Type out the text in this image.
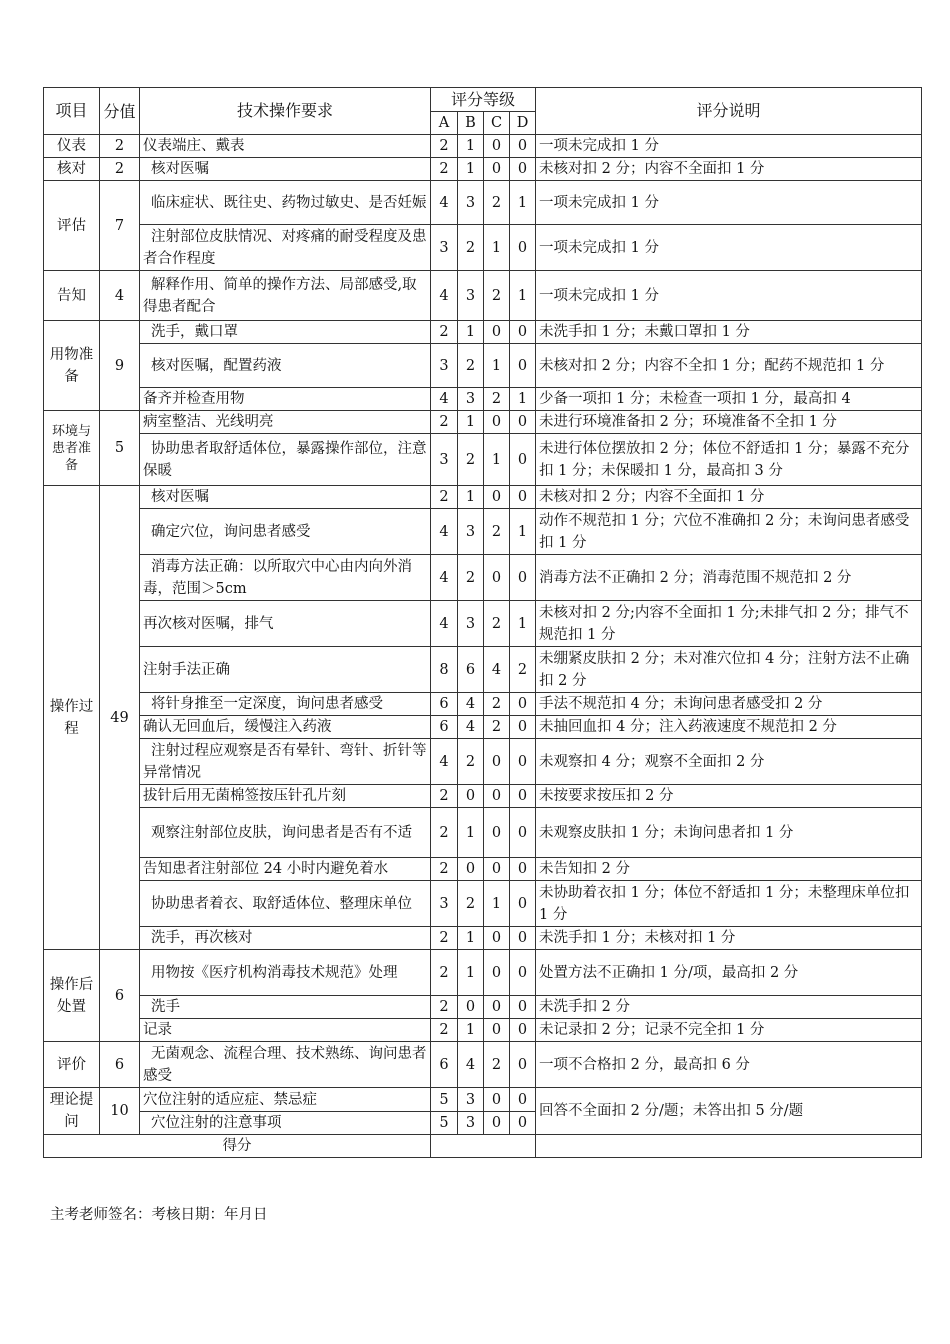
项目	分值	技术操作要求	评分等级				评分说明
			A	B	C	D	
仪表	2	仪表端庄、戴表	2	1	0	0	一项未完成扣 1 分
核对	2	核对医嘱	2	1	0	0	未核对扣 2 分；内容不全面扣 1 分
评估	7	临床症状、既往史、药物过敏史、是否妊娠	4	3	2	1	一项未完成扣 1 分
		注射部位皮肤情况、对疼痛的耐受程度及患者合作程度	3	2	1	0	一项未完成扣 1 分
告知	4	解释作用、简单的操作方法、局部感受,取得患者配合	4	3	2	1	一项未完成扣 1 分
用物准备	9	洗手，戴口罩	2	1	0	0	未洗手扣 1 分；未戴口罩扣 1 分
		核对医嘱，配置药液	3	2	1	0	未核对扣 2 分；内容不全扣 1 分；配药不规范扣 1 分
		备齐并检查用物	4	3	2	1	少备一项扣 1 分；未检查一项扣 1 分，最高扣 4
环境与患者准备	5	病室整洁、光线明亮	2	1	0	0	未进行环境准备扣 2 分；环境准备不全扣 1 分
		协助患者取舒适体位，暴露操作部位，注意保暖	3	2	1	0	未进行体位摆放扣 2 分；体位不舒适扣 1 分；暴露不充分扣 1 分；未保暖扣 1 分，最高扣 3 分
操作过程	49	核对医嘱	2	1	0	0	未核对扣 2 分；内容不全面扣 1 分
		确定穴位，询问患者感受	4	3	2	1	动作不规范扣 1 分；穴位不准确扣 2 分；未询问患者感受扣 1 分
		消毒方法正确：以所取穴中心由内向外消毒，范围＞5cm	4	2	0	0	消毒方法不正确扣 2 分；消毒范围不规范扣 2 分
		再次核对医嘱，排气	4	3	2	1	未核对扣 2 分;内容不全面扣 1 分;未排气扣 2 分；排气不规范扣 1 分
		注射手法正确	8	6	4	2	未绷紧皮肤扣 2 分；未对准穴位扣 4 分；注射方法不止确扣 2 分
		将针身推至一定深度，询问患者感受	6	4	2	0	手法不规范扣 4 分；未询问患者感受扣 2 分
		确认无回血后，缓慢注入药液	6	4	2	0	未抽回血扣 4 分；注入药液速度不规范扣 2 分
		注射过程应观察是否有晕针、弯针、折针等异常情况	4	2	0	0	未观察扣 4 分；观察不全面扣 2 分
		拔针后用无菌棉签按压针孔片刻	2	0	0	0	未按要求按压扣 2 分
		观察注射部位皮肤，询问患者是否有不适	2	1	0	0	未观察皮肤扣 1 分；未询问患者扣 1 分
		告知患者注射部位 24 小时内避免着水	2	0	0	0	未告知扣 2 分
		协助患者着衣、取舒适体位、整理床单位	3	2	1	0	未协助着衣扣 1 分；体位不舒适扣 1 分；未整理床单位扣 1 分
		洗手，再次核对	2	1	0	0	未洗手扣 1 分；未核对扣 1 分
操作后处置	6	用物按《医疗机构消毒技术规范》处理	2	1	0	0	处置方法不正确扣 1 分/项，最高扣 2 分
		洗手	2	0	0	0	未洗手扣 2 分
		记录	2	1	0	0	未记录扣 2 分；记录不完全扣 1 分
评价	6	无菌观念、流程合理、技术熟练、询问患者感受	6	4	2	0	一项不合格扣 2 分，最高扣 6 分
理论提问	10	穴位注射的适应症、禁忌症	5	3	0	0	回答不全面扣 2 分/题；未答出扣 5 分/题
		穴位注射的注意事项	5	3	0	0	
得分							
主考老师签名：考核日期：年月日
